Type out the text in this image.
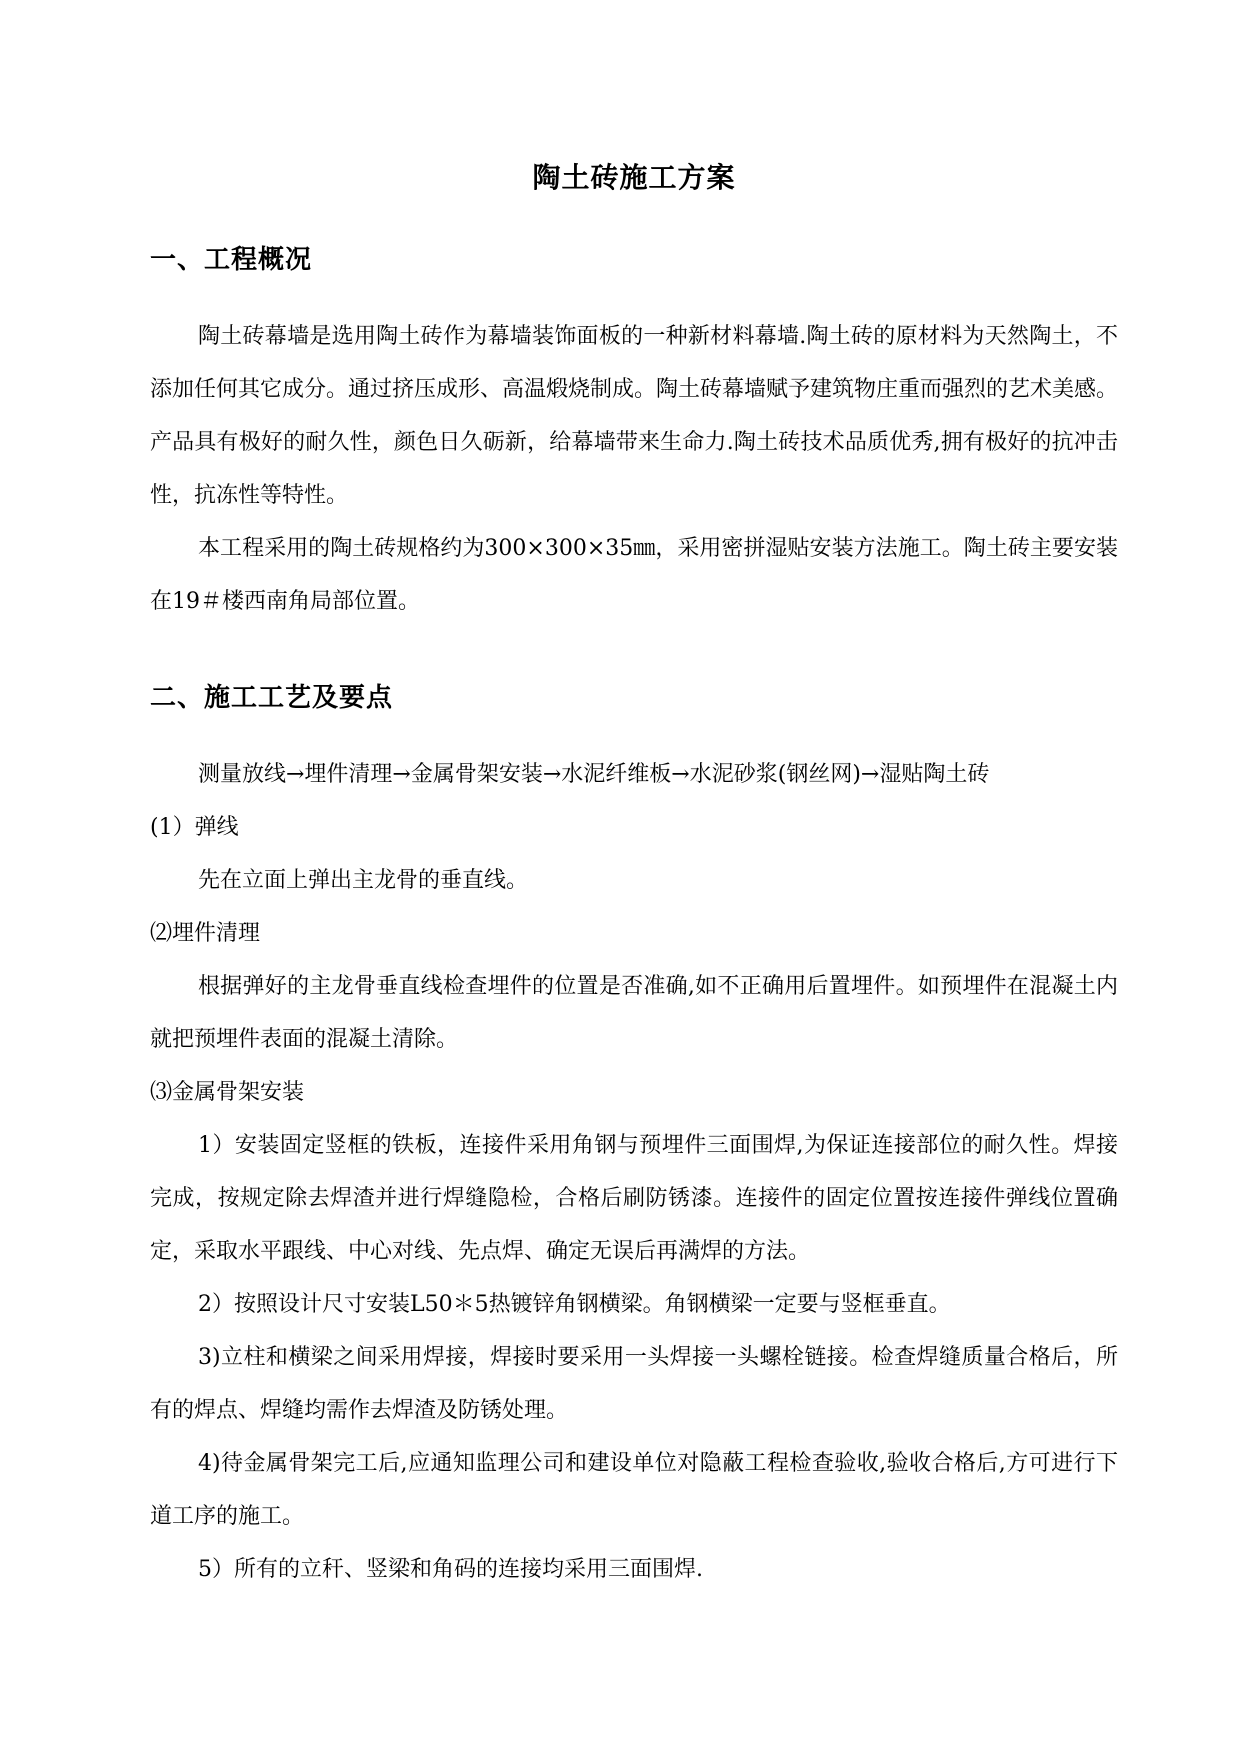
陶土砖施工方案
一、工程概况

陶土砖幕墙是选用陶土砖作为幕墙装饰面板的一种新材料幕墙.陶土砖的原材料为天然陶土，不添加任何其它成分。通过挤压成形、高温煅烧制成。陶土砖幕墙赋予建筑物庄重而强烈的艺术美感。产品具有极好的耐久性，颜色日久砺新，给幕墙带来生命力.陶土砖技术品质优秀,拥有极好的抗冲击性，抗冻性等特性。

本工程采用的陶土砖规格约为300×300×35㎜，采用密拼湿贴安装方法施工。陶土砖主要安装在19＃楼西南角局部位置。

二、施工工艺及要点

测量放线→埋件清理→金属骨架安装→水泥纤维板→水泥砂浆(钢丝网)→湿贴陶土砖

(1）弹线

先在立面上弹出主龙骨的垂直线。

⑵埋件清理

根据弹好的主龙骨垂直线检查埋件的位置是否准确,如不正确用后置埋件。如预埋件在混凝土内就把预埋件表面的混凝土清除。

⑶金属骨架安装

1）安装固定竖框的铁板，连接件采用角钢与预埋件三面围焊,为保证连接部位的耐久性。焊接完成，按规定除去焊渣并进行焊缝隐检，合格后刷防锈漆。连接件的固定位置按连接件弹线位置确定，采取水平跟线、中心对线、先点焊、确定无误后再满焊的方法。

2）按照设计尺寸安装L50＊5热镀锌角钢横梁。角钢横梁一定要与竖框垂直。

3)立柱和横梁之间采用焊接，焊接时要采用一头焊接一头螺栓链接。检查焊缝质量合格后，所有的焊点、焊缝均需作去焊渣及防锈处理。

4)待金属骨架完工后,应通知监理公司和建设单位对隐蔽工程检查验收,验收合格后,方可进行下道工序的施工。

5）所有的立秆、竖梁和角码的连接均采用三面围焊.
